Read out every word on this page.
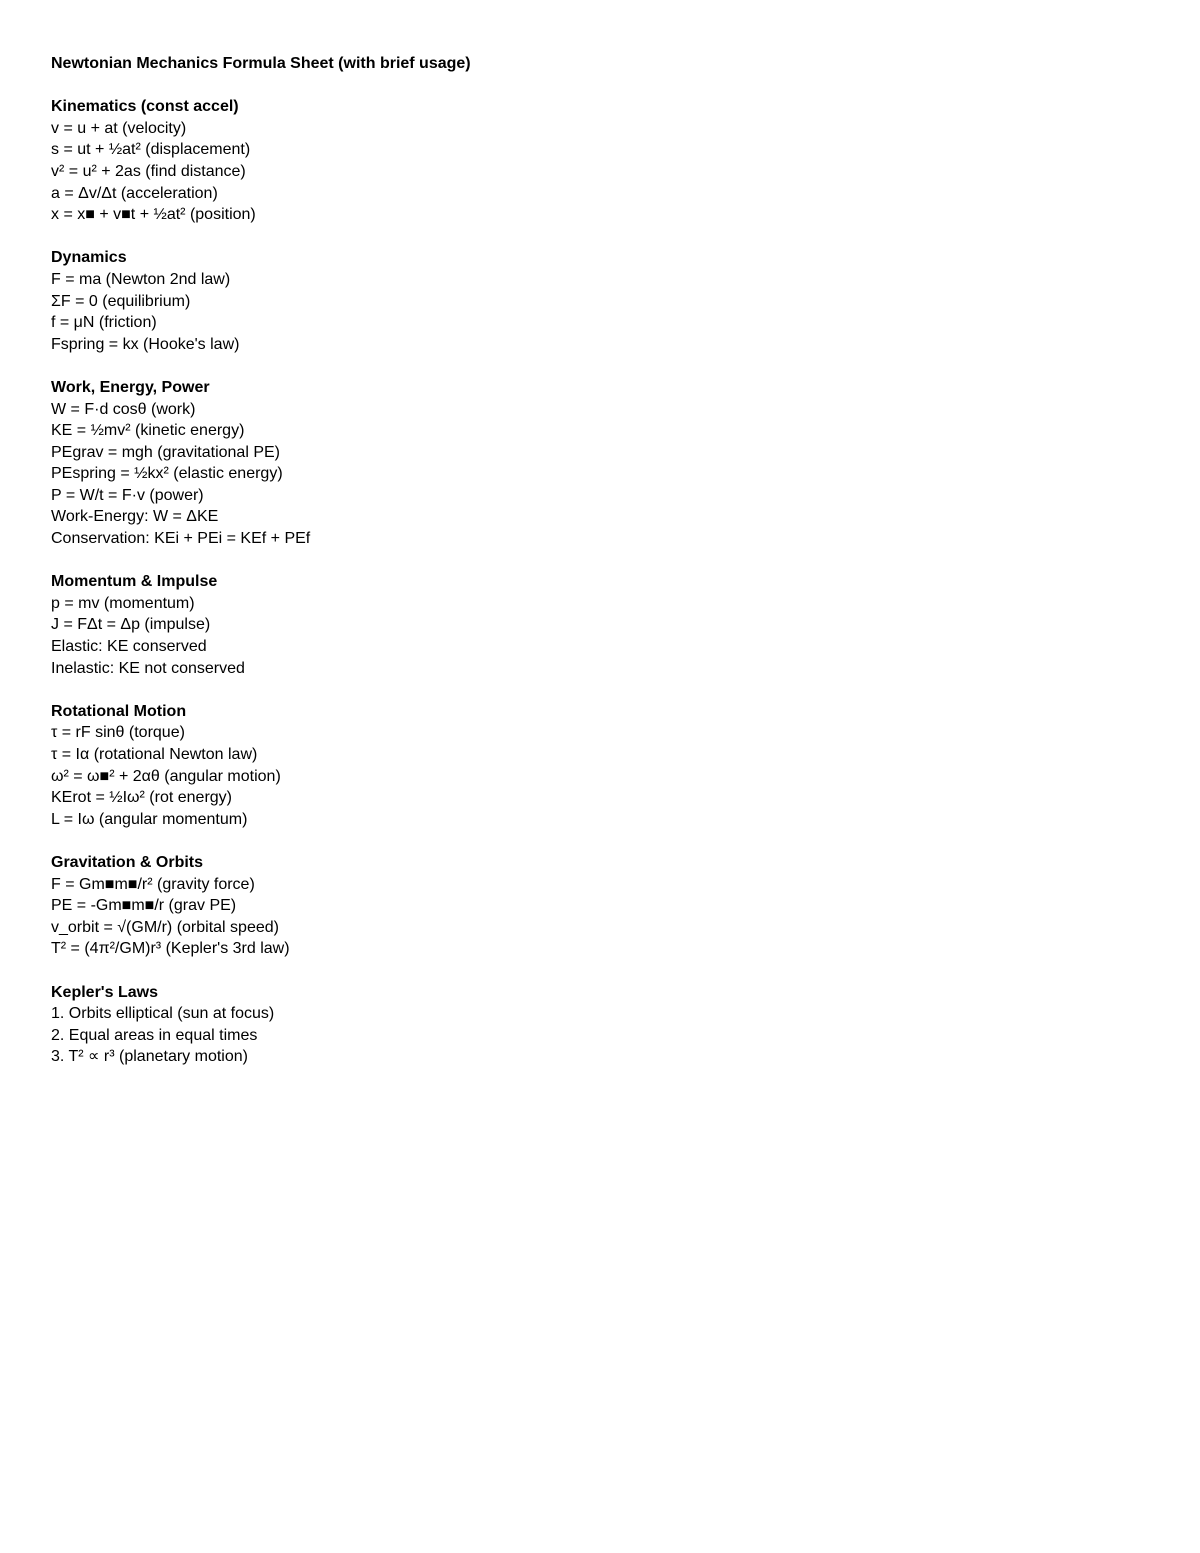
Newtonian Mechanics Formula Sheet (with brief usage)
Kinematics (const accel)
v = u + at (velocity)
s = ut + ½at² (displacement)
v² = u² + 2as (find distance)
a = Δv/Δt (acceleration)
x = x■ + v■t + ½at² (position)
Dynamics
F = ma (Newton 2nd law)
ΣF = 0 (equilibrium)
f = μN (friction)
Fspring = kx (Hooke's law)
Work, Energy, Power
W = F·d cosθ (work)
KE = ½mv² (kinetic energy)
PEgrav = mgh (gravitational PE)
PEspring = ½kx² (elastic energy)
P = W/t = F·v (power)
Work-Energy: W = ΔKE
Conservation: KEi + PEi = KEf + PEf
Momentum & Impulse
p = mv (momentum)
J = FΔt = Δp (impulse)
Elastic: KE conserved
Inelastic: KE not conserved
Rotational Motion
τ = rF sinθ (torque)
τ = Iα (rotational Newton law)
ω² = ω■² + 2αθ (angular motion)
KErot = ½Iω² (rot energy)
L = Iω (angular momentum)
Gravitation & Orbits
F = Gm■m■/r² (gravity force)
PE = -Gm■m■/r (grav PE)
v_orbit = √(GM/r) (orbital speed)
T² = (4π²/GM)r³ (Kepler's 3rd law)
Kepler's Laws
1. Orbits elliptical (sun at focus)
2. Equal areas in equal times
3. T² ∝ r³ (planetary motion)
